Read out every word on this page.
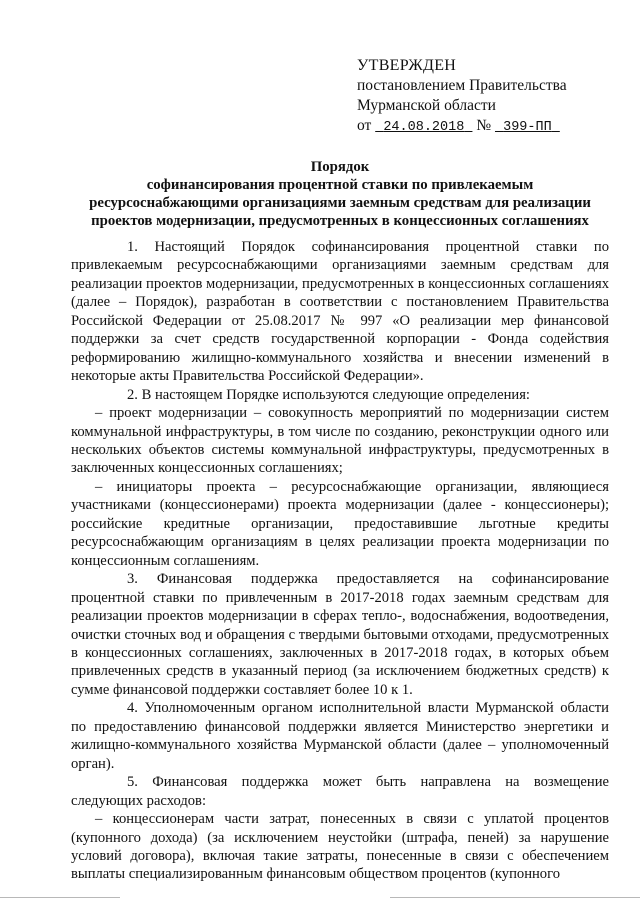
УТВЕРЖДЕН
постановлением Правительства
Мурманской области
от 24.08.2018 № 399-ПП
Порядок
софинансирования процентной ставки по привлекаемым
ресурсоснабжающими организациями заемным средствам для реализации
проектов модернизации, предусмотренных в концессионных соглашениях

1. Настоящий Порядок софинансирования процентной ставки по привлекаемым ресурсоснабжающими организациями заемным средствам для реализации проектов модернизации, предусмотренных в концессионных соглашениях (далее – Порядок), разработан в соответствии с постановлением Правительства Российской Федерации от 25.08.2017 № 997 «О реализации мер финансовой поддержки за счет средств государственной корпорации - Фонда содействия реформированию жилищно-коммунального хозяйства и внесении изменений в некоторые акты Правительства Российской Федерации».

2. В настоящем Порядке используются следующие определения:

– проект модернизации – совокупность мероприятий по модернизации систем коммунальной инфраструктуры, в том числе по созданию, реконструкции одного или нескольких объектов системы коммунальной инфраструктуры, предусмотренных в заключенных концессионных соглашениях;

– инициаторы проекта – ресурсоснабжающие организации, являющиеся участниками (концессионерами) проекта модернизации (далее - концессионеры); российские кредитные организации, предоставившие льготные кредиты ресурсоснабжающим организациям в целях реализации проекта модернизации по концессионным соглашениям.

3. Финансовая поддержка предоставляется на софинансирование процентной ставки по привлеченным в 2017-2018 годах заемным средствам для реализации проектов модернизации в сферах тепло-, водоснабжения, водоотведения, очистки сточных вод и обращения с твердыми бытовыми отходами, предусмотренных в концессионных соглашениях, заключенных в 2017-2018 годах, в которых объем привлеченных средств в указанный период (за исключением бюджетных средств) к сумме финансовой поддержки составляет более 10 к 1.

4. Уполномоченным органом исполнительной власти Мурманской области по предоставлению финансовой поддержки является Министерство энергетики и жилищно-коммунального хозяйства Мурманской области (далее – уполномоченный орган).

5. Финансовая поддержка может быть направлена на возмещение следующих расходов:

– концессионерам части затрат, понесенных в связи с уплатой процентов (купонного дохода) (за исключением неустойки (штрафа, пеней) за нарушение условий договора), включая такие затраты, понесенные в связи с обеспечением выплаты специализированным финансовым обществом процентов (купонного
